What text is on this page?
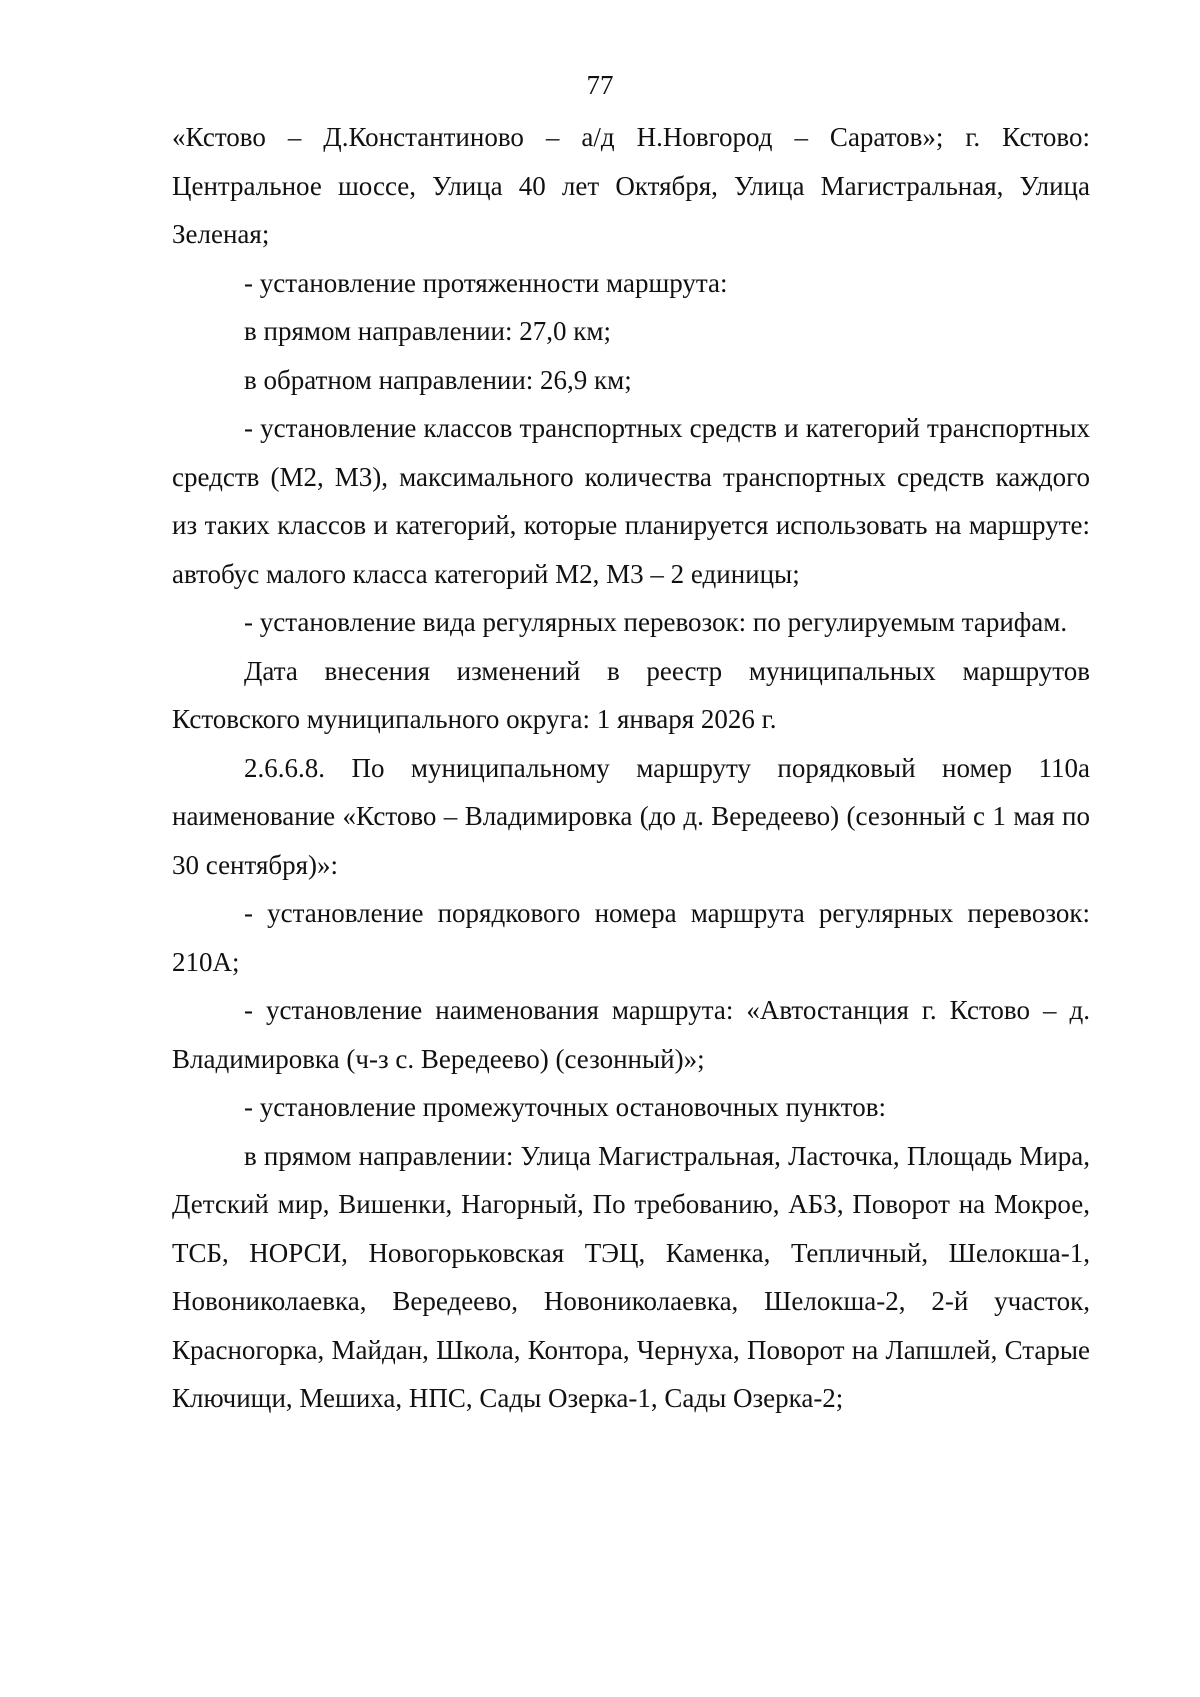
77

«Кстово – Д.Константиново – а/д Н.Новгород – Саратов»; г. Кстово: Центральное шоссе, Улица 40 лет Октября, Улица Магистральная, Улица Зеленая;

- установление протяженности маршрута:

в прямом направлении: 27,0 км;

в обратном направлении: 26,9 км;

- установление классов транспортных средств и категорий транспортных средств (М2, М3), максимального количества транспортных средств каждого из таких классов и категорий, которые планируется использовать на маршруте: автобус малого класса категорий М2, М3 – 2 единицы;

- установление вида регулярных перевозок: по регулируемым тарифам.

Дата внесения изменений в реестр муниципальных маршрутов Кстовского муниципального округа: 1 января 2026 г.

2.6.6.8. По муниципальному маршруту порядковый номер 110а наименование «Кстово – Владимировка (до д. Вередеево) (сезонный с 1 мая по 30 сентября)»:

- установление порядкового номера маршрута регулярных перевозок: 210А;

- установление наименования маршрута: «Автостанция г. Кстово – д. Владимировка (ч-з с. Вередеево) (сезонный)»;

- установление промежуточных остановочных пунктов:

в прямом направлении: Улица Магистральная, Ласточка, Площадь Мира, Детский мир, Вишенки, Нагорный, По требованию, АБЗ, Поворот на Мокрое, ТСБ, НОРСИ, Новогорьковская ТЭЦ, Каменка, Тепличный, Шелокша-1, Новониколаевка, Вередеево, Новониколаевка, Шелокша-2, 2-й участок, Красногорка, Майдан, Школа, Контора, Чернуха, Поворот на Лапшлей, Старые Ключищи, Мешиха, НПС, Сады Озерка-1, Сады Озерка-2;
